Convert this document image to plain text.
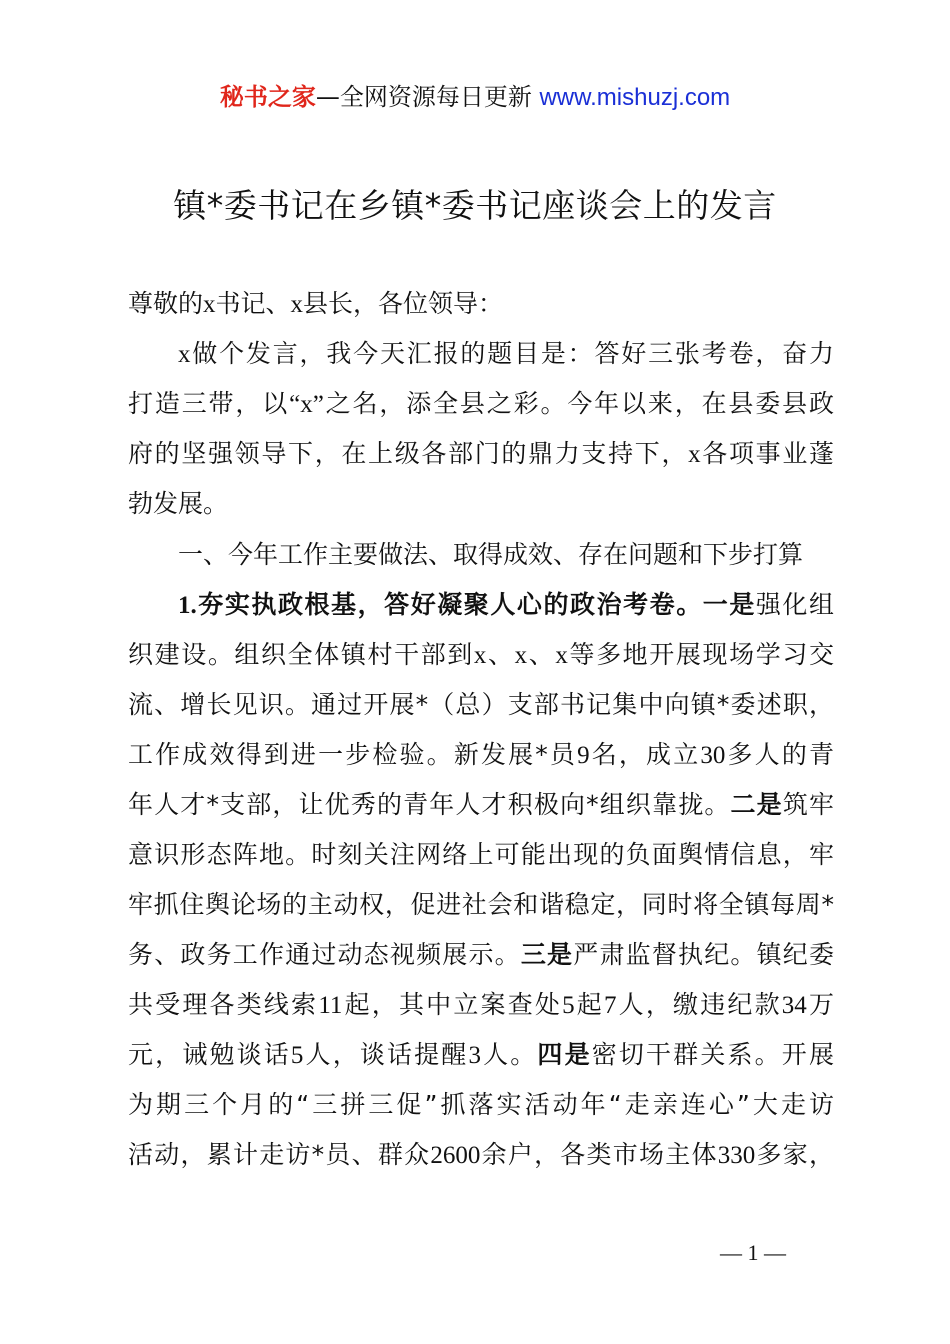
秘书之家—全网资源每日更新 www.mishuzj.com
镇*委书记在乡镇*委书记座谈会上的发言
尊敬的x书记、x县长，各位领导：
x做个发言，我今天汇报的题目是：答好三张考卷，奋力
打造三带，以“x”之名，添全县之彩。今年以来，在县委县政
府的坚强领导下，在上级各部门的鼎力支持下，x各项事业蓬
勃发展。
一、今年工作主要做法、取得成效、存在问题和下步打算
1.夯实执政根基，答好凝聚人心的政治考卷。一是强化组
织建设。组织全体镇村干部到x、x、x等多地开展现场学习交
流、增长见识。通过开展*（总）支部书记集中向镇*委述职，
工作成效得到进一步检验。新发展*员9名，成立30多人的青
年人才*支部，让优秀的青年人才积极向*组织靠拢。二是筑牢
意识形态阵地。时刻关注网络上可能出现的负面舆情信息，牢
牢抓住舆论场的主动权，促进社会和谐稳定，同时将全镇每周*
务、政务工作通过动态视频展示。三是严肃监督执纪。镇纪委
共受理各类线索11起，其中立案查处5起7人，缴违纪款34万
元，诫勉谈话5人，谈话提醒3人。四是密切干群关系。开展
为期三个月的“三拼三促”抓落实活动年“走亲连心”大走访
活动，累计走访*员、群众2600余户，各类市场主体330多家，
— 1 —
